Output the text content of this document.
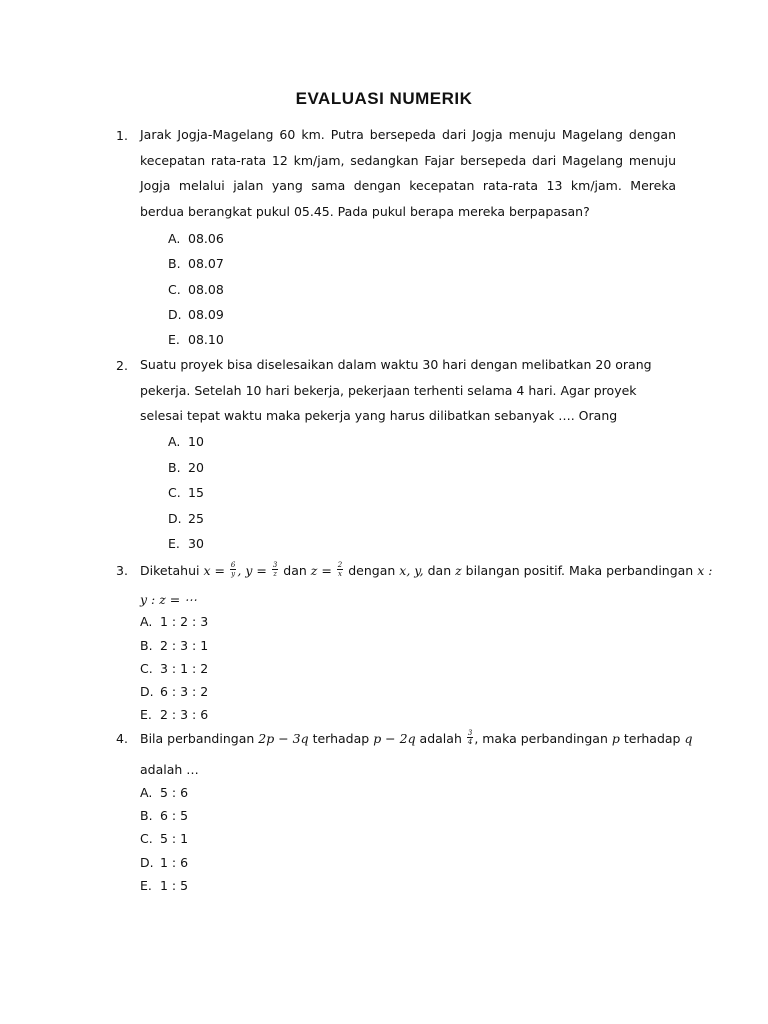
EVALUASI NUMERIK
1. Jarak Jogja-Magelang 60 km. Putra bersepeda dari Jogja menuju Magelang dengan kecepatan rata-rata 12 km/jam, sedangkan Fajar bersepeda dari Magelang menuju Jogja melalui jalan yang sama dengan kecepatan rata-rata 13 km/jam. Mereka berdua berangkat pukul 05.45. Pada pukul berapa mereka berpapasan?
A. 08.06
B. 08.07
C. 08.08
D. 08.09
E. 08.10
2. Suatu proyek bisa diselesaikan dalam waktu 30 hari dengan melibatkan 20 orang pekerja. Setelah 10 hari bekerja, pekerjaan terhenti selama 4 hari. Agar proyek selesai tepat waktu maka pekerja yang harus dilibatkan sebanyak …. Orang
A. 10
B. 20
C. 15
D. 25
E. 30
3. Diketahui $x = \frac{6}{y}$ , $y = \frac{3}{z}$ dan $z = \frac{2}{x}$ dengan x, y, dan z bilangan positif. Maka perbandingan x :
y : z = ⋯
A. 1 : 2 : 3
B. 2 : 3 : 1
C. 3 : 1 : 2
D. 6 : 3 : 2
E. 2 : 3 : 6
4. Bila perbandingan 2p − 3q terhadap p − 2q adalah $\frac{3}{4}$ , maka perbandingan p terhadap q
adalah …
A. 5 : 6
B. 6 : 5
C. 5 : 1
D. 1 : 6
E. 1 : 5
